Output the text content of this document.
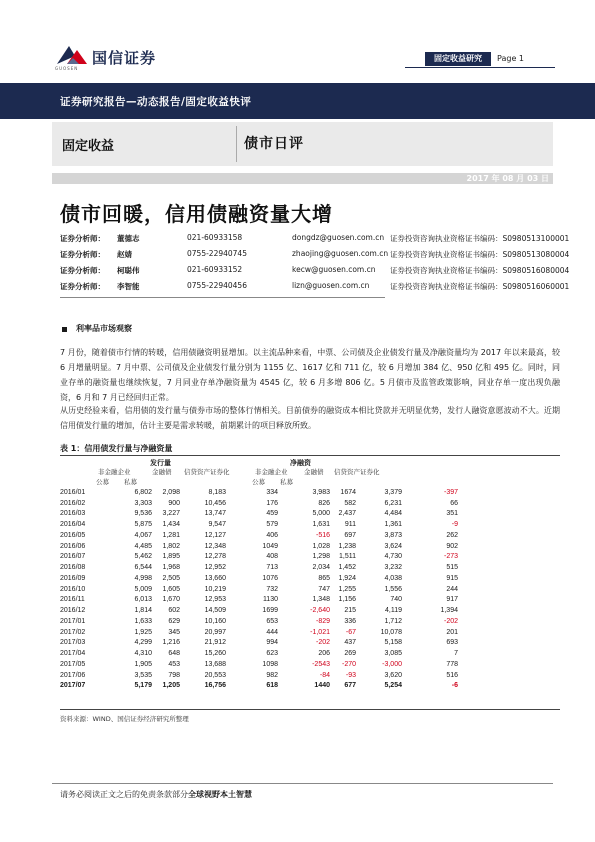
国信证券
GUOSEN
固定收益研究	Page 1
证券研究报告—动态报告/固定收益快评
固定收益	债市日评
2017 年 08 月 03 日
债市回暖，信用债融资量大增
证券分析师： 董德志	021-60933158	dongdz@guosen.com.cn 证券投资咨询执业资格证书编码：S0980513100001
证券分析师： 赵婧	0755-22940745	zhaojing@guosen.com.cn 证券投资咨询执业资格证书编码：S0980513080004
证券分析师： 柯聪伟	021-60933152	kecw@guosen.com.cn 证券投资咨询执业资格证书编码：S0980516080004
证券分析师： 李智能	0755-22940456	lizn@guosen.com.cn	证券投资咨询执业资格证书编码：S0980516060001
利率品市场观察
7 月份，随着债市行情的转暖，信用债融资明显增加。以主流品种来看，中票、公司债及企业债发行量及净融资量均为 2017 年以来最高，较 6 月增量明显。7 月中票、公司债及企业债发行量分别为 1155 亿、1617 亿和 711 亿，较 6 月增加 384 亿、950 亿和 495 亿。同时，同业存单的融资量也继续恢复，7 月同业存单净融资量为 4545 亿，较 6 月多增 806 亿。5 月债市及监管政策影响，同业存单一度出现负融资，6 月和 7 月已经回归正常。
从历史经验来看，信用债的发行量与债券市场的整体行情相关。目前债券的融资成本相比贷款并无明显优势，发行人融资意愿波动不大。近期信用债发行量的增加，估计主要是需求转暖，前期累计的项目释放所致。
表 1：信用债发行量与净融资量
发行量	净融资
非金融企业	金融债 信贷资产证券化	非金融企业	金融债 信贷资产证券化
公募 私募	公募 私募
2016/01	6,802	2,098	8,183	334	3,983	1674	3,379	-397	
2016/02	3,303	900	10,456	176	826	582	6,231	66	
2016/03	9,536	3,227	13,747	459	5,000	2,437	4,484	351	
2016/04	5,875	1,434	9,547	579	1,631	911	1,361	-9	
2016/05	4,067	1,281	12,127	406	-516	697	3,873	262	
2016/06	4,485	1,802	12,348	1049	1,028	1,238	3,624	902	
2016/07	5,462	1,895	12,278	408	1,298	1,511	4,730	-273	
2016/08	6,544	1,968	12,952	713	2,034	1,452	3,232	515	
2016/09	4,998	2,505	13,660	1076	865	1,924	4,038	915	
2016/10	5,009	1,605	10,219	732	747	1,255	1,556	244	
2016/11	6,013	1,670	12,953	1130	1,348	1,156	740	917	
2016/12	1,814	602	14,509	1699	-2,640	215	4,119	1,394	
2017/01	1,633	629	10,160	653	-829	336	1,712	-202	
2017/02	1,925	345	20,997	444	-1,021	-67	10,078	201	
2017/03	4,299	1,216	21,912	994	-202	437	5,158	693	
2017/04	4,310	648	15,260	623	206	269	3,085	7	
2017/05	1,905	453	13,688	1098	-2543	-270	-3,000	778	
2017/06	3,535	798	20,553	982	-84	-93	3,620	516	
2017/07	5,179	1,205	16,756	618	1440	677	5,254	-6	
资料来源：WIND、国信证券经济研究所整理
请务必阅读正文之后的免责条款部分全球视野本土智慧
